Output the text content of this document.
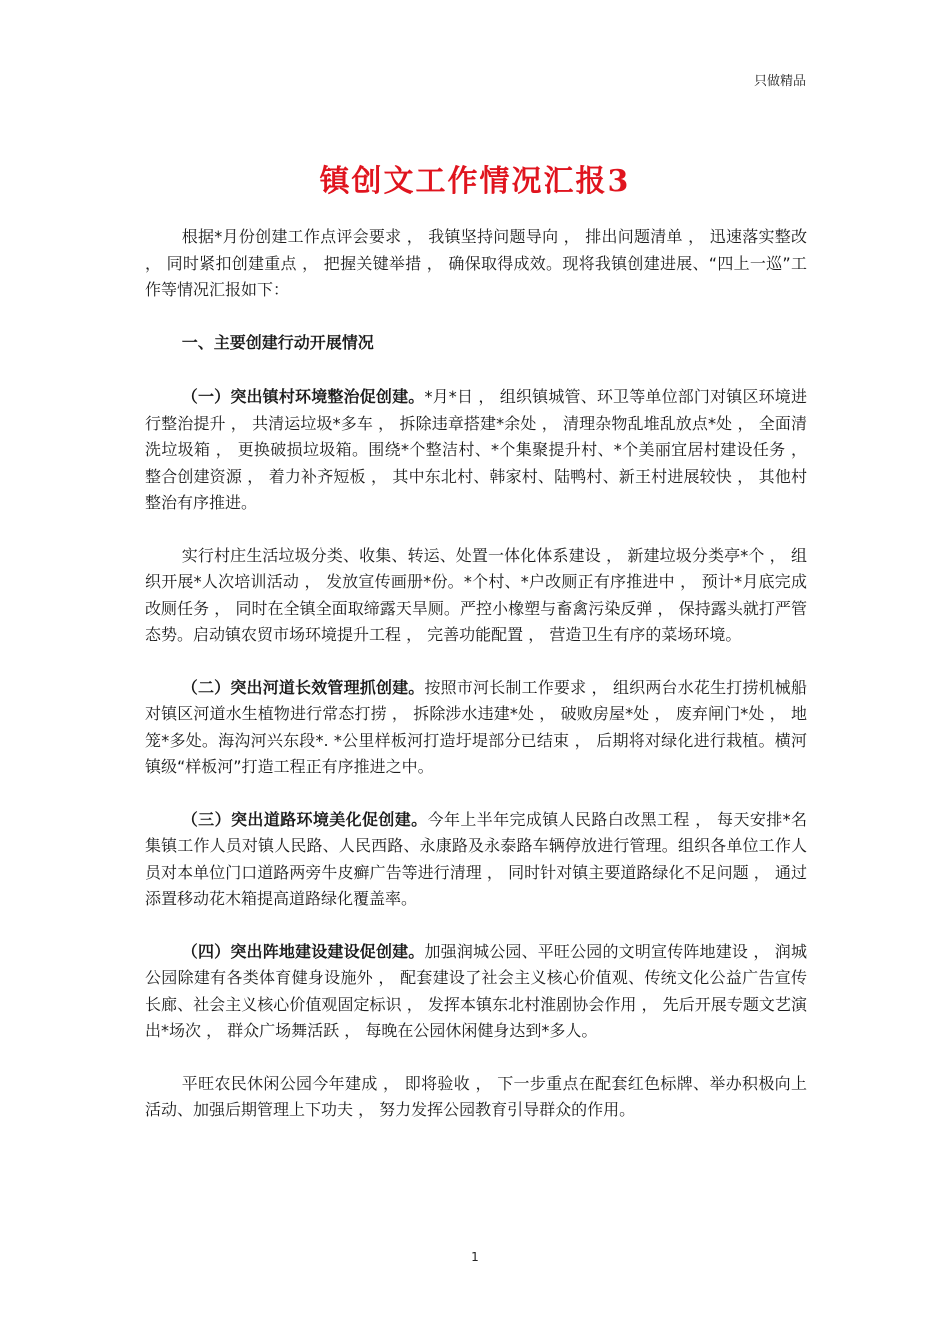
只做精品
镇创文工作情况汇报3

根据*月份创建工作点评会要求 ， 我镇坚持问题导向 ， 排出问题清单 ， 迅速落实整改 ， 同时紧扣创建重点 ， 把握关键举措 ， 确保取得成效。现将我镇创建进展、“四上一巡”工作等情况汇报如下：

一、主要创建行动开展情况

（一）突出镇村环境整治促创建。*月*日 ， 组织镇城管、环卫等单位部门对镇区环境进行整治提升 ， 共清运垃圾*多车 ， 拆除违章搭建*余处 ， 清理杂物乱堆乱放点*处 ， 全面清洗垃圾箱 ， 更换破损垃圾箱。围绕*个整洁村、*个集聚提升村、*个美丽宜居村建设任务 ， 整合创建资源 ， 着力补齐短板 ， 其中东北村、韩家村、陆鸭村、新王村进展较快 ， 其他村整治有序推进。

实行村庄生活垃圾分类、收集、转运、处置一体化体系建设 ， 新建垃圾分类亭*个 ， 组织开展*人次培训活动 ， 发放宣传画册*份。*个村、*户改厕正有序推进中 ， 预计*月底完成改厕任务 ， 同时在全镇全面取缔露天旱厕。严控小橡塑与畜禽污染反弹 ， 保持露头就打严管态势。启动镇农贸市场环境提升工程 ， 完善功能配置 ， 营造卫生有序的菜场环境。

（二）突出河道长效管理抓创建。按照市河长制工作要求 ， 组织两台水花生打捞机械船对镇区河道水生植物进行常态打捞 ， 拆除涉水违建*处 ， 破败房屋*处 ， 废弃闸门*处 ， 地笼*多处。海沟河兴东段*. *公里样板河打造圩堤部分已结束 ， 后期将对绿化进行栽植。横河镇级“样板河”打造工程正有序推进之中。

（三）突出道路环境美化促创建。今年上半年完成镇人民路白改黑工程 ， 每天安排*名集镇工作人员对镇人民路、人民西路、永康路及永泰路车辆停放进行管理。组织各单位工作人员对本单位门口道路两旁牛皮癣广告等进行清理 ， 同时针对镇主要道路绿化不足问题 ， 通过添置移动花木箱提高道路绿化覆盖率。

（四）突出阵地建设建设促创建。加强润城公园、平旺公园的文明宣传阵地建设 ， 润城公园除建有各类体育健身设施外 ， 配套建设了社会主义核心价值观、传统文化公益广告宣传长廊、社会主义核心价值观固定标识 ， 发挥本镇东北村淮剧协会作用 ， 先后开展专题文艺演出*场次 ， 群众广场舞活跃 ， 每晚在公园休闲健身达到*多人。

平旺农民休闲公园今年建成 ， 即将验收 ， 下一步重点在配套红色标牌、举办积极向上活动、加强后期管理上下功夫 ， 努力发挥公园教育引导群众的作用。

1
